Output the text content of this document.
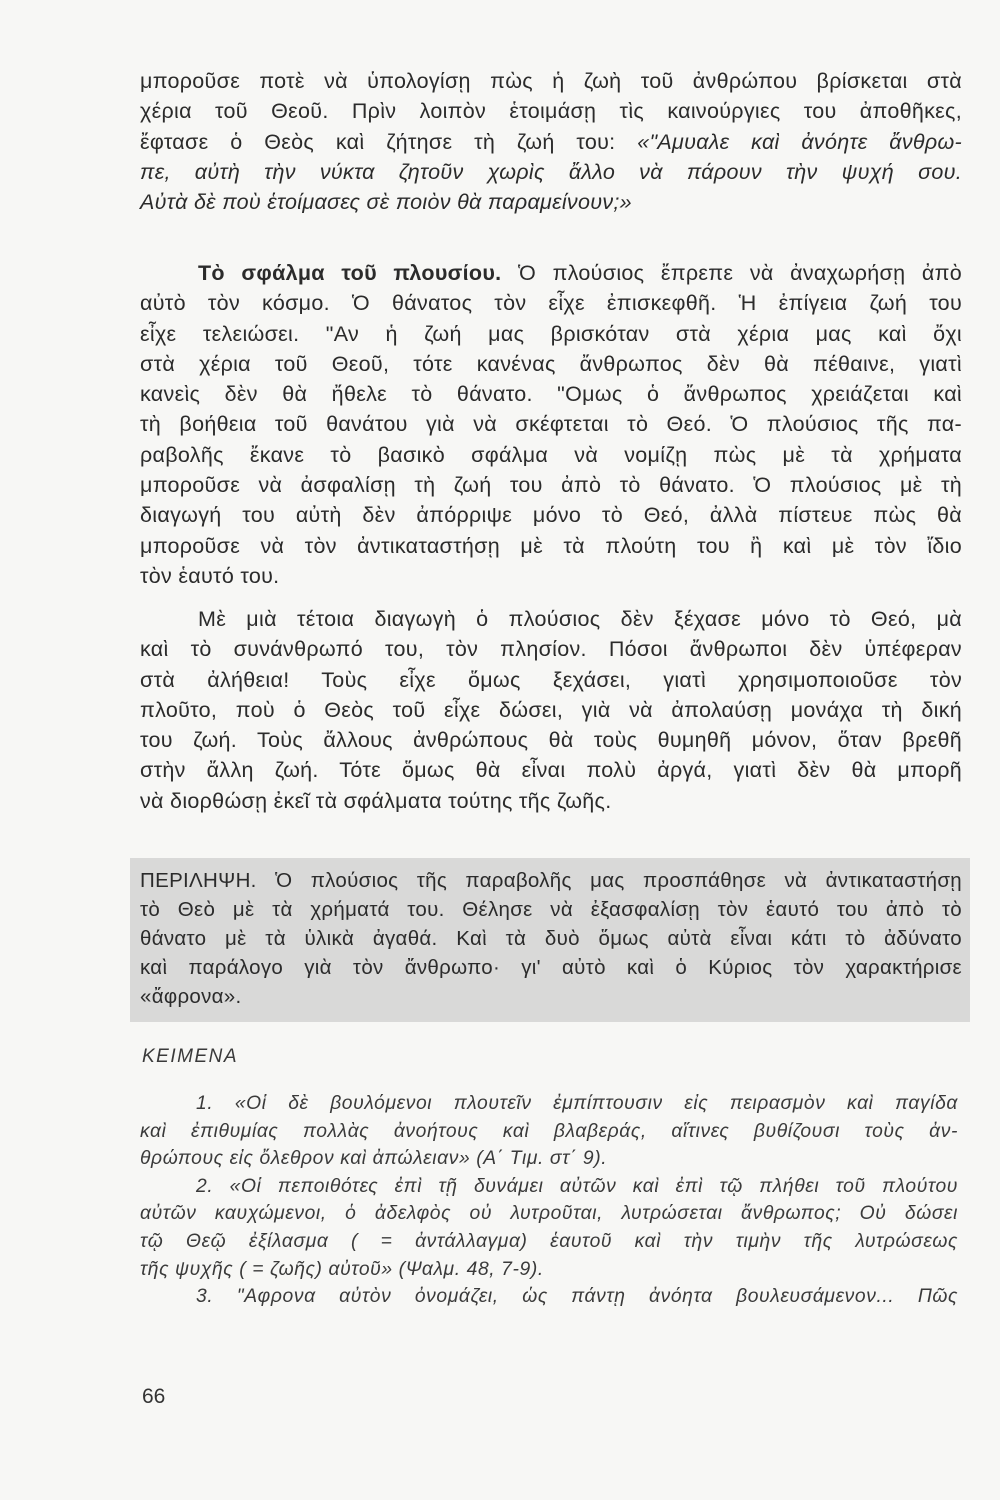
μποροῦσε ποτὲ νὰ ὑπολογίσῃ πὼς ἡ ζωὴ τοῦ ἀνθρώπου βρίσκεται στὰ

χέρια τοῦ Θεοῦ. Πρὶν λοιπὸν ἑτοιμάσῃ τὶς καινούργιες του ἀποθῆκες,

ἔφτασε ὁ Θεὸς καὶ ζήτησε τὴ ζωή του: «"Αμυαλε καὶ ἀνόητε ἄνθρω-

πε, αὐτὴ τὴν νύκτα ζητοῦν χωρὶς ἄλλο νὰ πάρουν τὴν ψυχή σου.

Αὐτὰ δὲ ποὺ ἑτοίμασες σὲ ποιὸν θὰ παραμείνουν;»

Τὸ σφάλμα τοῦ πλουσίου. Ὁ πλούσιος ἔπρεπε νὰ ἀναχωρήσῃ ἀπὸ

αὐτὸ τὸν κόσμο. Ὁ θάνατος τὸν εἶχε ἐπισκεφθῆ. Ἡ ἐπίγεια ζωή του

εἶχε τελειώσει. "Αν ἡ ζωή μας βρισκόταν στὰ χέρια μας καὶ ὄχι

στὰ χέρια τοῦ Θεοῦ, τότε κανένας ἄνθρωπος δὲν θὰ πέθαινε, γιατὶ

κανεὶς δὲν θὰ ἤθελε τὸ θάνατο. "Ομως ὁ ἄνθρωπος χρειάζεται καὶ

τὴ βοήθεια τοῦ θανάτου γιὰ νὰ σκέφτεται τὸ Θεό. Ὁ πλούσιος τῆς πα-

ραβολῆς ἔκανε τὸ βασικὸ σφάλμα νὰ νομίζῃ πὼς μὲ τὰ χρήματα

μποροῦσε νὰ ἀσφαλίσῃ τὴ ζωή του ἀπὸ τὸ θάνατο. Ὁ πλούσιος μὲ τὴ

διαγωγή του αὐτὴ δὲν ἀπόρριψε μόνο τὸ Θεό, ἀλλὰ πίστευε πὼς θὰ

μποροῦσε νὰ τὸν ἀντικαταστήσῃ μὲ τὰ πλούτη του ἢ καὶ μὲ τὸν ἴδιο

τὸν ἑαυτό του.

Μὲ μιὰ τέτοια διαγωγὴ ὁ πλούσιος δὲν ξέχασε μόνο τὸ Θεό, μὰ

καὶ τὸ συνάνθρωπό του, τὸν πλησίον. Πόσοι ἄνθρωποι δὲν ὑπέφεραν

στὰ ἀλήθεια! Τοὺς εἶχε ὅμως ξεχάσει, γιατὶ χρησιμοποιοῦσε τὸν

πλοῦτο, ποὺ ὁ Θεὸς τοῦ εἶχε δώσει, γιὰ νὰ ἀπολαύσῃ μονάχα τὴ δική

του ζωή. Τοὺς ἄλλους ἀνθρώπους θὰ τοὺς θυμηθῆ μόνον, ὅταν βρεθῆ

στὴν ἄλλη ζωή. Τότε ὅμως θὰ εἶναι πολὺ ἀργά, γιατὶ δὲν θὰ μπορῆ

νὰ διορθώσῃ ἐκεῖ τὰ σφάλματα τούτης τῆς ζωῆς.

ΠΕΡΙΛΗΨΗ. Ὁ πλούσιος τῆς παραβολῆς μας προσπάθησε νὰ ἀντικαταστήσῃ

τὸ Θεὸ μὲ τὰ χρήματά του. Θέλησε νὰ ἐξασφαλίσῃ τὸν ἑαυτό του ἀπὸ τὸ

θάνατο μὲ τὰ ὑλικὰ ἀγαθά. Καὶ τὰ δυὸ ὅμως αὐτὰ εἶναι κάτι τὸ ἀδύνατο

καὶ παράλογο γιὰ τὸν ἄνθρωπο· γι' αὐτὸ καὶ ὁ Κύριος τὸν χαρακτήρισε

«ἄφρονα».

ΚΕΙΜΕΝΑ

1. «Οἱ δὲ βουλόμενοι πλουτεῖν ἐμπίπτουσιν εἰς πειρασμὸν καὶ παγίδα

καὶ ἐπιθυμίας πολλὰς ἀνοήτους καὶ βλαβεράς, αἵτινες βυθίζουσι τοὺς ἀν-

θρώπους εἰς ὄλεθρον καὶ ἀπώλειαν» (Α΄ Τιμ. στ΄ 9).

2. «Οἱ πεποιθότες ἐπὶ τῇ δυνάμει αὐτῶν καὶ ἐπὶ τῷ πλήθει τοῦ πλούτου

αὐτῶν καυχώμενοι, ὁ ἀδελφὸς οὐ λυτροῦται, λυτρώσεται ἄνθρωπος; Οὐ δώσει

τῷ Θεῷ ἐξίλασμα ( = ἀντάλλαγμα) ἑαυτοῦ καὶ τὴν τιμὴν τῆς λυτρώσεως

τῆς ψυχῆς ( = ζωῆς) αὐτοῦ» (Ψαλμ. 48, 7-9).

3. "Αφρονα αὐτὸν ὀνομάζει, ὡς πάντῃ ἀνόητα βουλευσάμενον... Πῶς

66
